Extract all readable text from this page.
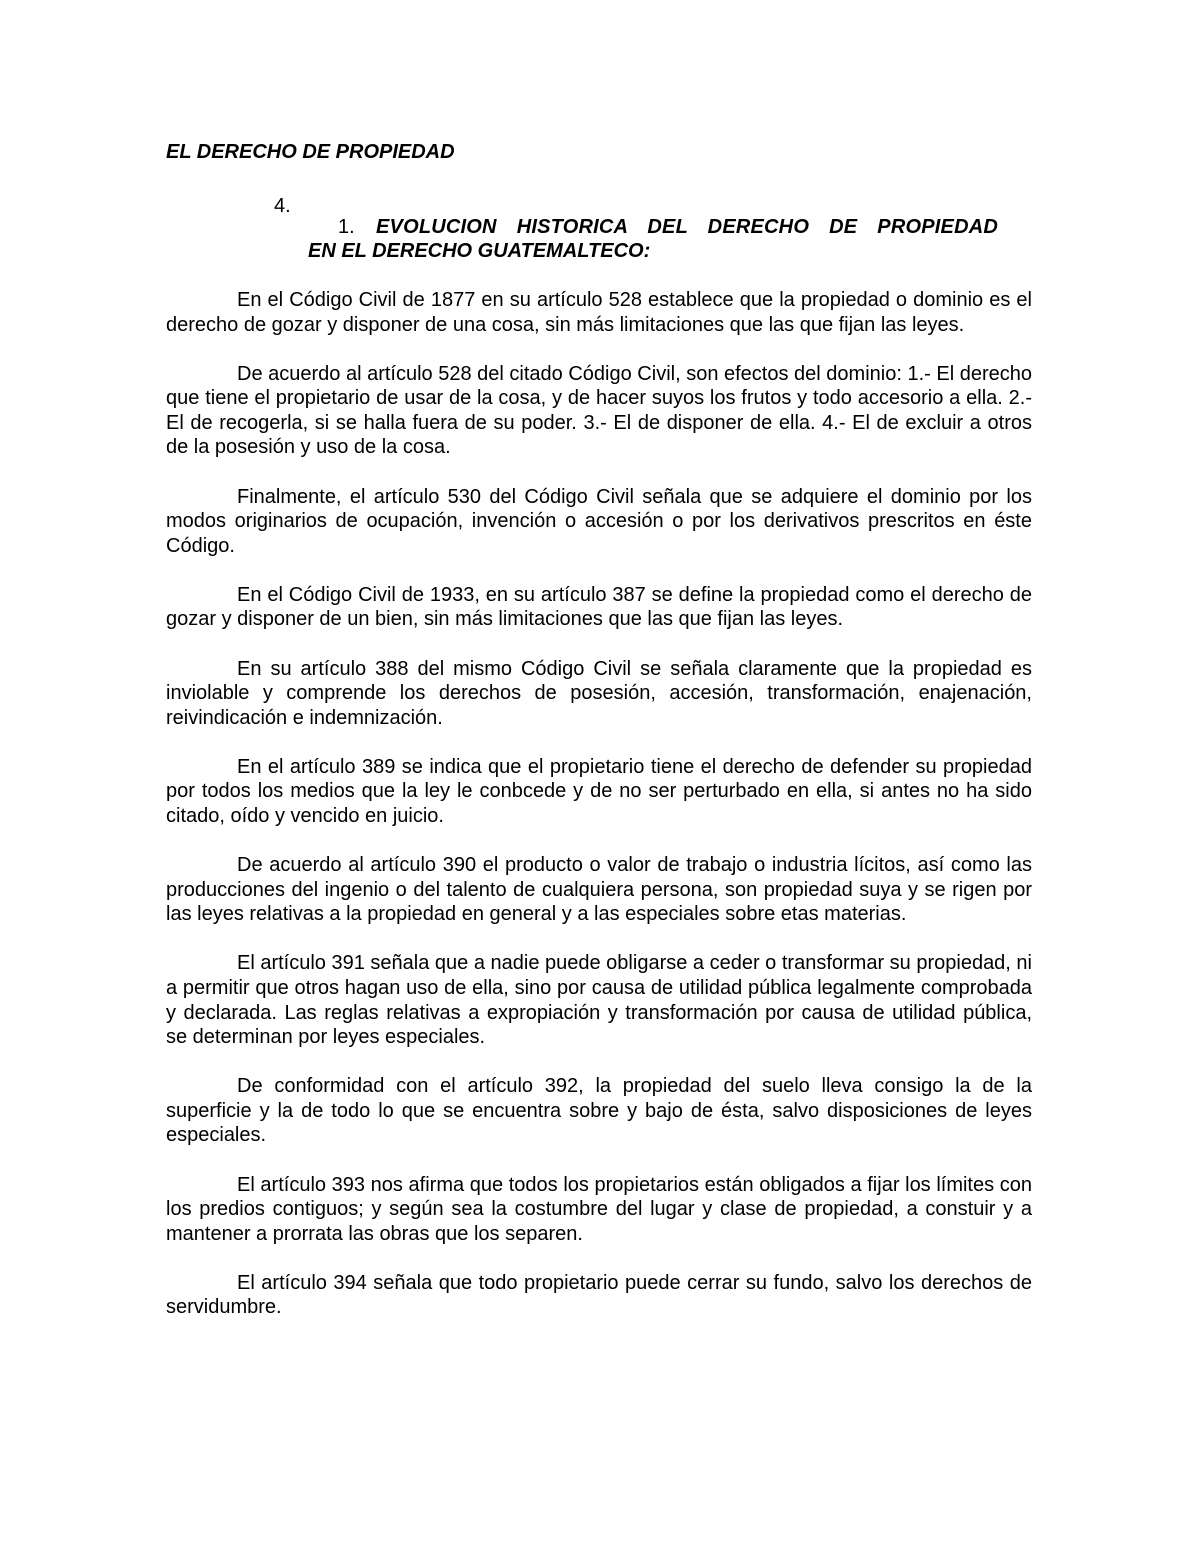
EL DERECHO DE PROPIEDAD
4.
1.	EVOLUCION HISTORICA DEL DERECHO DE PROPIEDAD
EN EL DERECHO GUATEMALTECO:

En el Código Civil de 1877 en su artículo 528 establece que la propiedad o dominio es el derecho de gozar y disponer de una cosa, sin más limitaciones que las que fijan las leyes.

De acuerdo al artículo 528 del citado Código Civil, son efectos del dominio: 1.- El derecho que tiene el propietario de usar de la cosa, y de hacer suyos los frutos y todo accesorio a ella. 2.- El de recogerla, si se halla fuera de su poder. 3.- El de disponer de ella. 4.- El de excluir a otros de la posesión y uso de la cosa.

Finalmente, el artículo 530 del Código Civil señala que se adquiere el dominio por los modos originarios de ocupación, invención o accesión o por los derivativos prescritos en éste Código.

En el Código Civil de 1933, en su artículo 387 se define la propiedad como el derecho de gozar y disponer de un bien, sin más limitaciones que las que fijan las leyes.

En su artículo 388 del mismo Código Civil se señala claramente que la propiedad es inviolable y comprende los derechos de posesión, accesión, transformación, enajenación, reivindicación e indemnización.

En el artículo 389 se indica que el propietario tiene el derecho de defender su propiedad por todos los medios que la ley le conbcede y de no ser perturbado en ella, si antes no ha sido citado, oído y vencido en juicio.

De acuerdo al artículo 390 el producto o valor de trabajo o industria lícitos, así como las producciones del ingenio o del talento de cualquiera persona, son propiedad suya y se rigen por las leyes relativas a la propiedad en general y a las especiales sobre etas materias.

El artículo 391 señala que a nadie puede obligarse a ceder o transformar su propiedad, ni a permitir que otros hagan uso de ella, sino por causa de utilidad pública legalmente comprobada y declarada. Las reglas relativas a expropiación y transformación por causa de utilidad pública, se determinan por leyes especiales.

De conformidad con el artículo 392, la propiedad del suelo lleva consigo la de la superficie y la de todo lo que se encuentra sobre y bajo de ésta, salvo disposiciones de leyes especiales.

El artículo 393 nos afirma que todos los propietarios están obligados a fijar los límites con los predios contiguos; y según sea la costumbre del lugar y clase de propiedad, a constuir y a mantener a prorrata las obras que los separen.

El artículo 394 señala que todo propietario puede cerrar su fundo, salvo los derechos de servidumbre.
